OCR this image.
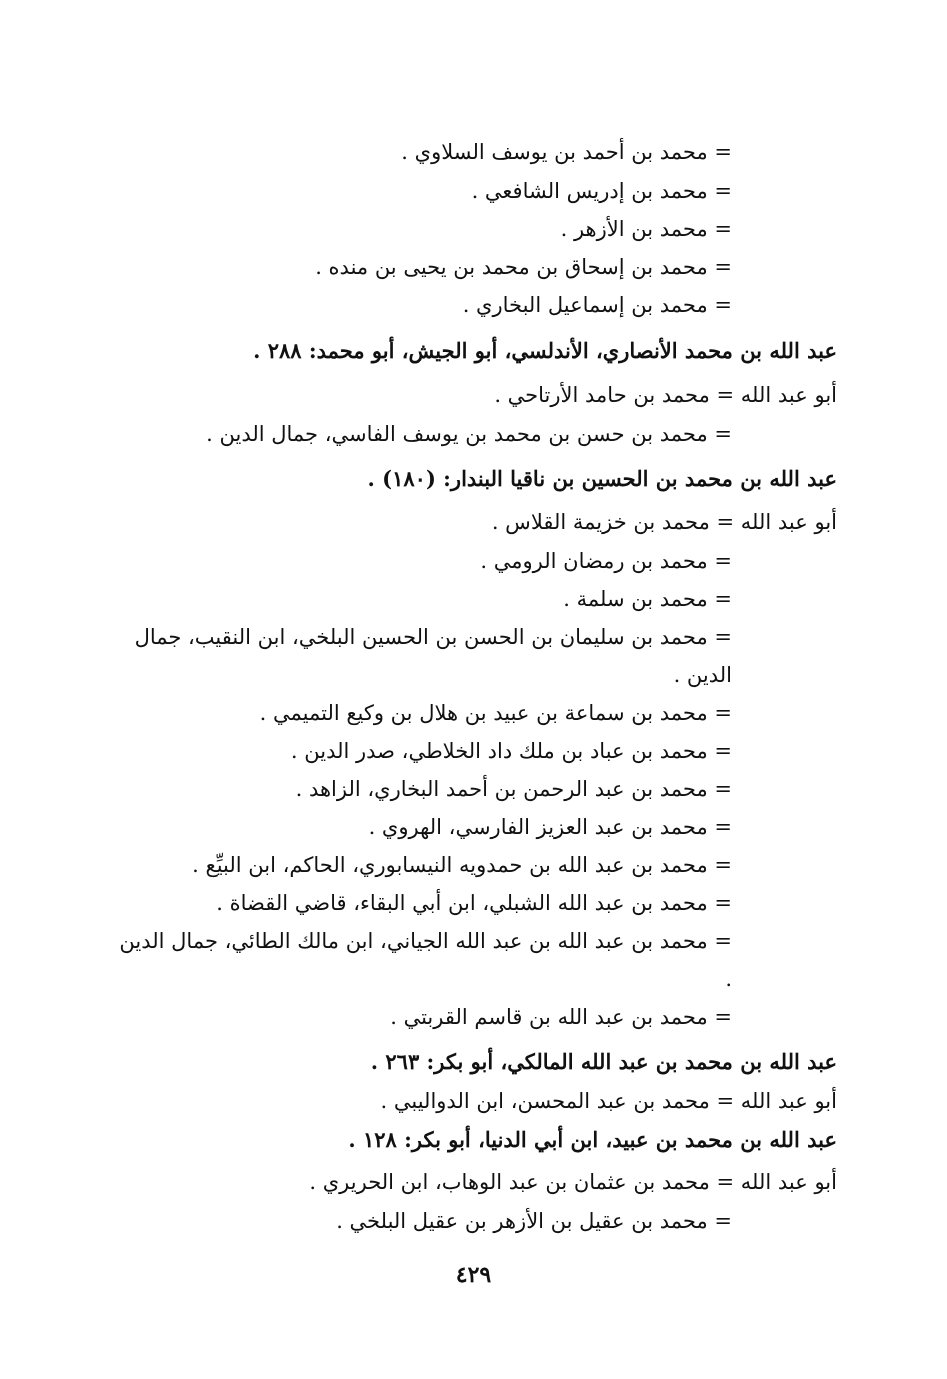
= محمد بن أحمد بن يوسف السلاوي .

= محمد بن إدريس الشافعي .

= محمد بن الأزهر .

= محمد بن إسحاق بن محمد بن يحيى بن منده .

= محمد بن إسماعيل البخاري .

عبد الله بن محمد الأنصاري، الأندلسي، أبو الجيش، أبو محمد: ٢٨٨ .

أبو عبد الله = محمد بن حامد الأرتاحي .

= محمد بن حسن بن محمد بن يوسف الفاسي، جمال الدين .

عبد الله بن محمد بن الحسين بن ناقيا البندار: (١٨٠) .

أبو عبد الله = محمد بن خزيمة القلاس .

= محمد بن رمضان الرومي .

= محمد بن سلمة .

= محمد بن سليمان بن الحسن بن الحسين البلخي، ابن النقيب، جمال الدين .

= محمد بن سماعة بن عبيد بن هلال بن وكيع التميمي .

= محمد بن عباد بن ملك داد الخلاطي، صدر الدين .

= محمد بن عبد الرحمن بن أحمد البخاري، الزاهد .

= محمد بن عبد العزيز الفارسي، الهروي .

= محمد بن عبد الله بن حمدويه النيسابوري، الحاكم، ابن البيِّع .

= محمد بن عبد الله الشبلي، ابن أبي البقاء، قاضي القضاة .

= محمد بن عبد الله بن عبد الله الجياني، ابن مالك الطائي، جمال الدين .

= محمد بن عبد الله بن قاسم القربتي .

عبد الله بن محمد بن عبد الله المالكي، أبو بكر: ٢٦٣ .

أبو عبد الله = محمد بن عبد المحسن، ابن الدواليبي .

عبد الله بن محمد بن عبيد، ابن أبي الدنيا، أبو بكر: ١٢٨ .

أبو عبد الله = محمد بن عثمان بن عبد الوهاب، ابن الحريري .

= محمد بن عقيل بن الأزهر بن عقيل البلخي .

٤٢٩
